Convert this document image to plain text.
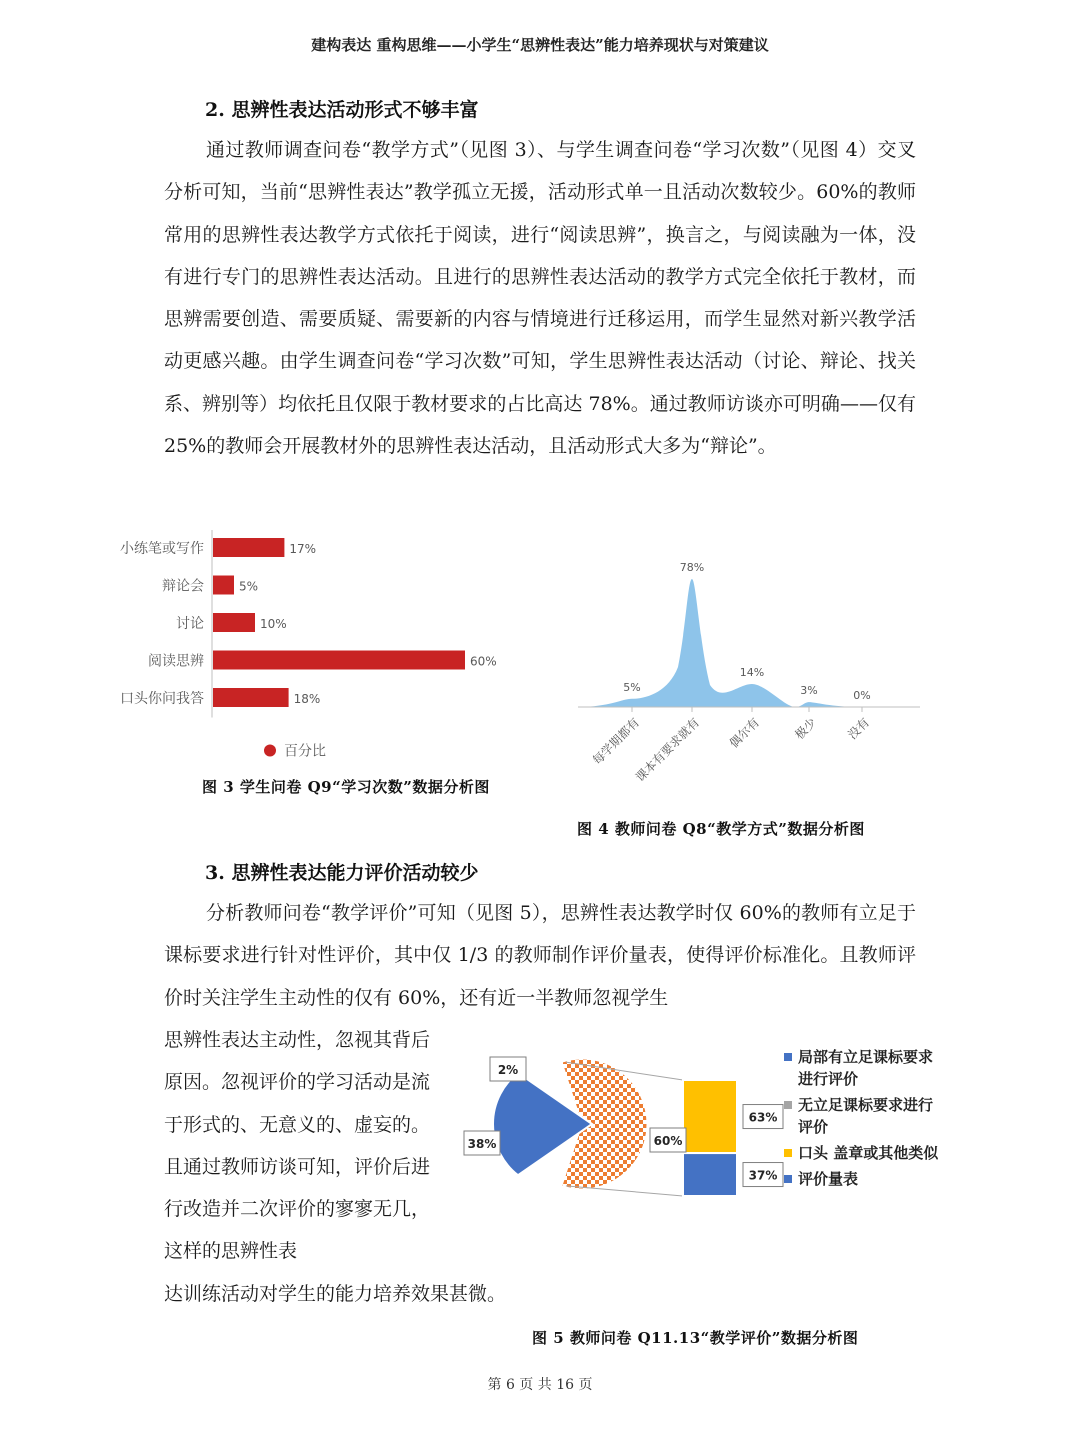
建构表达 重构思维——小学生“思辨性表达”能力培养现状与对策建议
2. 思辨性表达活动形式不够丰富
通过教师调查问卷“教学方式”（见图 3）、与学生调查问卷“学习次数”（见图 4）交叉分析可知，当前“思辨性表达”教学孤立无援，活动形式单一且活动次数较少。60%的教师常用的思辨性表达教学方式依托于阅读，进行“阅读思辨”，换言之，与阅读融为一体，没有进行专门的思辨性表达活动。且进行的思辨性表达活动的教学方式完全依托于教材，而思辨需要创造、需要质疑、需要新的内容与情境进行迁移运用，而学生显然对新兴教学活动更感兴趣。由学生调查问卷“学习次数”可知，学生思辨性表达活动（讨论、辩论、找关系、辨别等）均依托且仅限于教材要求的占比高达 78%。通过教师访谈亦可明确——仅有 25%的教师会开展教材外的思辨性表达活动，且活动形式大多为“辩论”。
小练笔或写作	17%
辩论会	5%
讨论	10%
阅读思辨	60%
口头你问我答	18%
百分比
图 3 学生问卷 Q9“学习次数”数据分析图
5%
每学期都有
78%
课本有要求就有
14%
偶尔有
3%
极少
0%
没有
图 4 教师问卷 Q8“教学方式”数据分析图
3. 思辨性表达能力评价活动较少
分析教师问卷“教学评价”可知（见图 5），思辨性表达教学时仅 60%的教师有立足于课标要求进行针对性评价，其中仅 1/3 的教师制作评价量表，使得评价标准化。且教师评价时关注学生主动性的仅有 60%，还有近一半教师忽视学生
思辨性表达主动性，忽视其背后原因。忽视评价的学习活动是流于形式的、无意义的、虚妄的。且通过教师访谈可知，评价后进行改造并二次评价的寥寥无几，这样的思辨性表
达训练活动对学生的能力培养效果甚微。
63%
37%
2%
38%	60%
局部有立足课标要求进行评价
无立足课标要求进行评价
口头 盖章或其他类似
评价量表
图 5 教师问卷 Q11.13“教学评价”数据分析图
第 6 页 共 16 页
